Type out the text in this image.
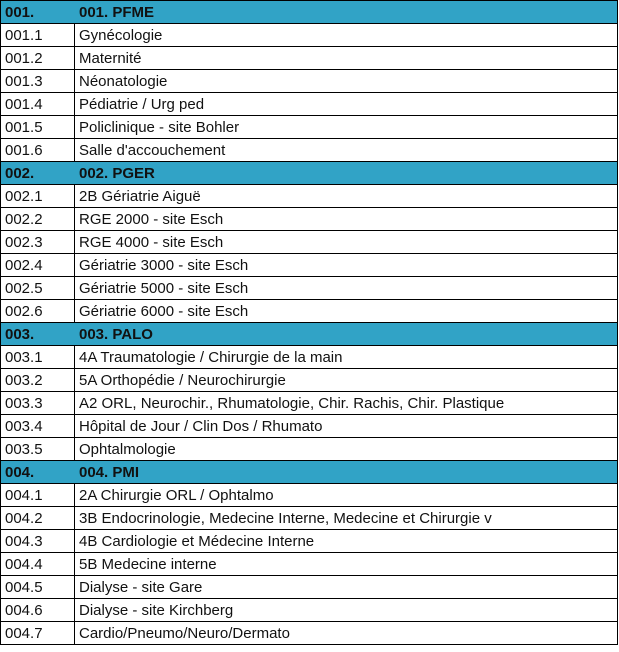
001.	001. PFME
001.1	Gynécologie
001.2	Maternité
001.3	Néonatologie
001.4	Pédiatrie / Urg ped
001.5	Policlinique - site Bohler
001.6	Salle d'accouchement
002.	002. PGER
002.1	2B Gériatrie Aiguë
002.2	RGE 2000 - site Esch
002.3	RGE 4000 - site Esch
002.4	Gériatrie 3000 - site Esch
002.5	Gériatrie 5000 - site Esch
002.6	Gériatrie 6000 - site Esch
003.	003. PALO
003.1	4A Traumatologie / Chirurgie de la main
003.2	5A Orthopédie / Neurochirurgie
003.3	A2 ORL, Neurochir., Rhumatologie, Chir. Rachis, Chir. Plastique
003.4	Hôpital de Jour / Clin Dos / Rhumato
003.5	Ophtalmologie
004.	004. PMI
004.1	2A Chirurgie ORL / Ophtalmo
004.2	3B Endocrinologie, Medecine Interne, Medecine et Chirurgie v
004.3	4B Cardiologie et Médecine Interne
004.4	5B Medecine interne
004.5	Dialyse - site Gare
004.6	Dialyse - site Kirchberg
004.7	Cardio/Pneumo/Neuro/Dermato
